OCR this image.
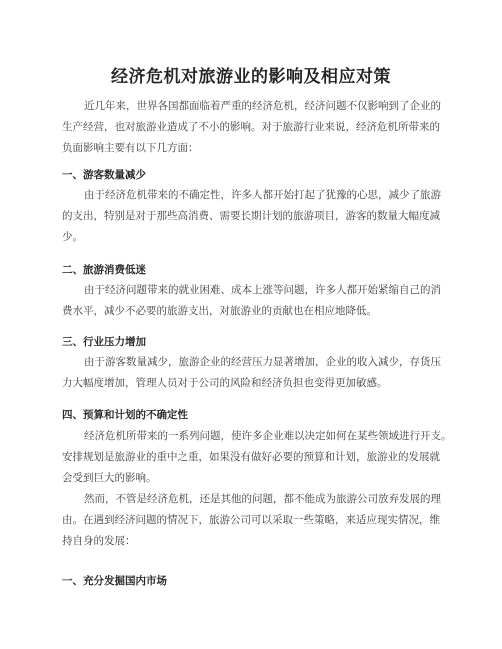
经济危机对旅游业的影响及相应对策

近几年来，世界各国都面临着严重的经济危机，经济问题不仅影响到了企业的
生产经营，也对旅游业造成了不小的影响。对于旅游行业来说，经济危机所带来的
负面影响主要有以下几方面：

一、游客数量减少

由于经济危机带来的不确定性，许多人都开始打起了犹豫的心思，减少了旅游
的支出，特别是对于那些高消费、需要长期计划的旅游项目，游客的数量大幅度减
少。

二、旅游消费低迷

由于经济问题带来的就业困难、成本上涨等问题，许多人都开始紧缩自己的消
费水平，减少不必要的旅游支出，对旅游业的贡献也在相应地降低。

三、行业压力增加

由于游客数量减少，旅游企业的经营压力显著增加，企业的收入减少，存货压
力大幅度增加，管理人员对于公司的风险和经济负担也变得更加敏感。

四、预算和计划的不确定性

经济危机所带来的一系列问题，使许多企业难以决定如何在某些领域进行开支。
安排规划是旅游业的重中之重，如果没有做好必要的预算和计划，旅游业的发展就
会受到巨大的影响。

然而，不管是经济危机，还是其他的问题，都不能成为旅游公司放弃发展的理
由。在遇到经济问题的情况下，旅游公司可以采取一些策略，来适应现实情况，维
持自身的发展：

一、充分发掘国内市场
